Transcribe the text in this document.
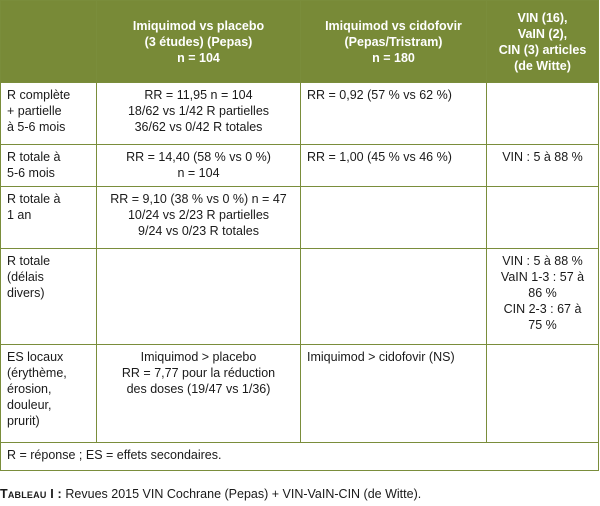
	Imiquimod vs placebo
(3 études) (Pepas)
n = 104	Imiquimod vs cidofovir
(Pepas/Tristram)
n = 180	VIN (16),
VaIN (2),
CIN (3) articles
(de Witte)

R complète
+ partielle
à 5-6 mois	RR = 11,95 n = 104
18/62 vs 1/42 R partielles
36/62 vs 0/42 R totales	RR = 0,92 (57 % vs 62 %)	

R totale à
5-6 mois	RR = 14,40 (58 % vs 0 %)
n = 104	RR = 1,00 (45 % vs 46 %)	VIN : 5 à 88 %

R totale à
1 an	RR = 9,10 (38 % vs 0 %) n = 47
10/24 vs 2/23 R partielles
9/24 vs 0/23 R totales		

R totale
(délais
divers)			VIN : 5 à 88 %
VaIN 1-3 : 57 à
86 %
CIN 2-3 : 67 à
75 %

ES locaux
(érythème,
érosion,
douleur,
prurit)	Imiquimod > placebo
RR = 7,77 pour la réduction
des doses (19/47 vs 1/36)	Imiquimod > cidofovir (NS)	

R = réponse ; ES = effets secondaires.			
Tableau I : Revues 2015 VIN Cochrane (Pepas) + VIN-VaIN-CIN (de Witte).
